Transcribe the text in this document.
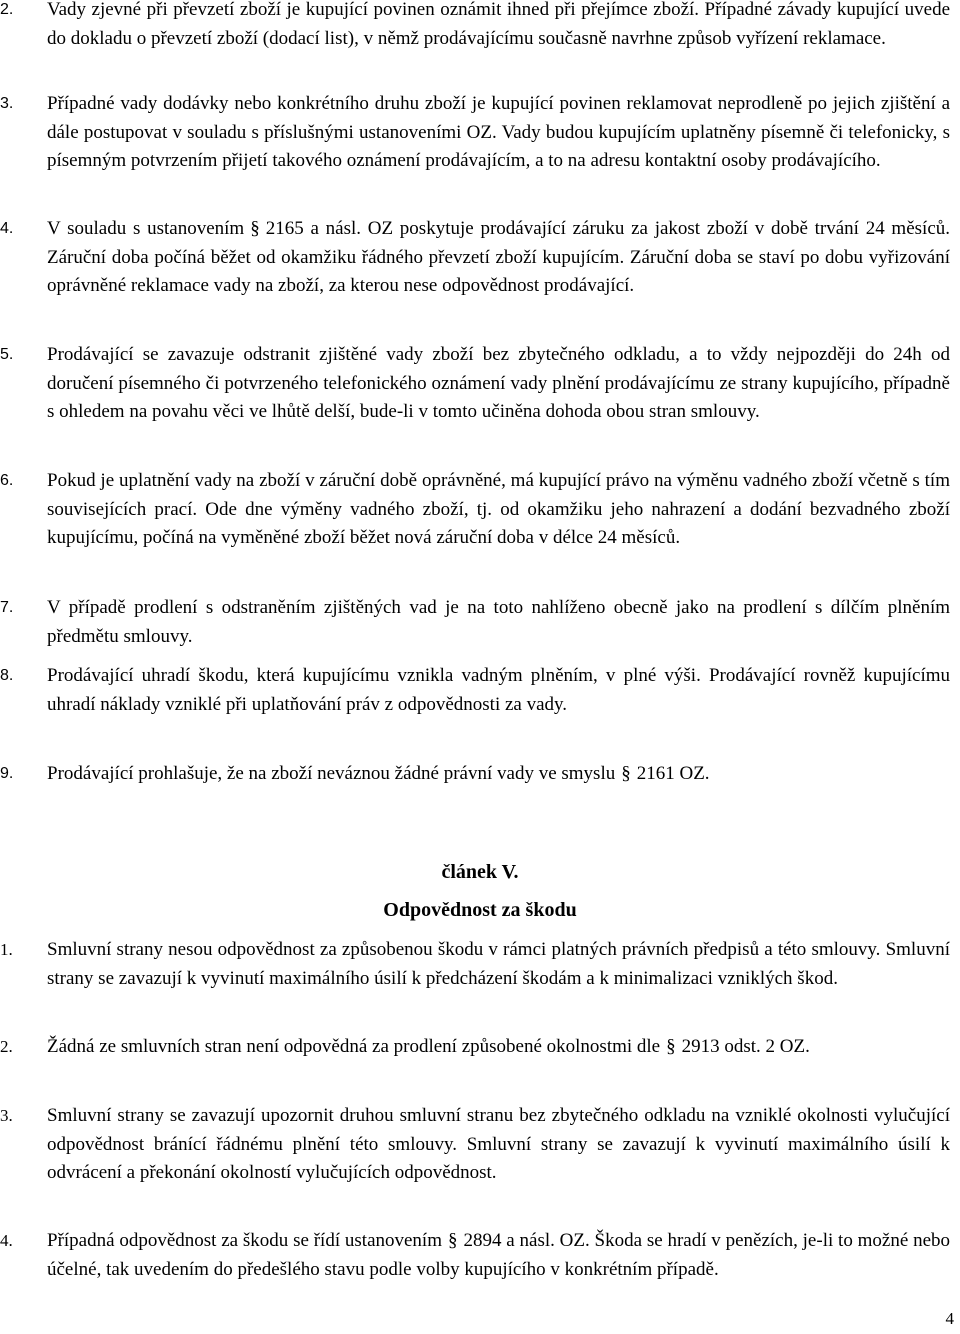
2.	Vady zjevné při převzetí zboží je kupující povinen oznámit ihned při přejímce zboží. Případné závady kupující uvede do dokladu o převzetí zboží (dodací list), v němž prodávajícímu současně navrhne způsob vyřízení reklamace.
3.	Případné vady dodávky nebo konkrétního druhu zboží je kupující povinen reklamovat neprodleně po jejich zjištění a dále postupovat v souladu s příslušnými ustanoveními OZ. Vady budou kupujícím uplatněny písemně či telefonicky, s písemným potvrzením přijetí takového oznámení prodávajícím, a to na adresu kontaktní osoby prodávajícího.
4.	V souladu s ustanovením § 2165 a násl. OZ poskytuje prodávající záruku za jakost zboží v době trvání 24 měsíců. Záruční doba počíná běžet od okamžiku řádného převzetí zboží kupujícím. Záruční doba se staví po dobu vyřizování oprávněné reklamace vady na zboží, za kterou nese odpovědnost prodávající.
5.	Prodávající se zavazuje odstranit zjištěné vady zboží bez zbytečného odkladu, a to vždy nejpozději do 24h od doručení písemného či potvrzeného telefonického oznámení vady plnění prodávajícímu ze strany kupujícího, případně s ohledem na povahu věci ve lhůtě delší, bude-li v tomto učiněna dohoda obou stran smlouvy.
6.	Pokud je uplatnění vady na zboží v záruční době oprávněné, má kupující právo na výměnu vadného zboží včetně s tím souvisejících prací. Ode dne výměny vadného zboží, tj. od okamžiku jeho nahrazení a dodání bezvadného zboží kupujícímu, počíná na vyměněné zboží běžet nová záruční doba v délce 24 měsíců.
7.	V případě prodlení s odstraněním zjištěných vad je na toto nahlíženo obecně jako na prodlení s dílčím plněním předmětu smlouvy.
8.	Prodávající uhradí škodu, která kupujícímu vznikla vadným plněním, v plné výši. Prodávající rovněž kupujícímu uhradí náklady vzniklé při uplatňování práv z odpovědnosti za vady.
9.	Prodávající prohlašuje, že na zboží neváznou žádné právní vady ve smyslu § 2161 OZ.
článek V.
Odpovědnost za škodu
1.	Smluvní strany nesou odpovědnost za způsobenou škodu v rámci platných právních předpisů a této smlouvy. Smluvní strany se zavazují k vyvinutí maximálního úsilí k předcházení škodám a k minimalizaci vzniklých škod.
2.	Žádná ze smluvních stran není odpovědná za prodlení způsobené okolnostmi dle § 2913 odst. 2 OZ.
3.	Smluvní strany se zavazují upozornit druhou smluvní stranu bez zbytečného odkladu na vzniklé okolnosti vylučující odpovědnost bránící řádnému plnění této smlouvy. Smluvní strany se zavazují k vyvinutí maximálního úsilí k odvrácení a překonání okolností vylučujících odpovědnost.
4.	Případná odpovědnost za škodu se řídí ustanovením § 2894 a násl. OZ. Škoda se hradí v penězích, je-li to možné nebo účelné, tak uvedením do předešlého stavu podle volby kupujícího v konkrétním případě.
4
